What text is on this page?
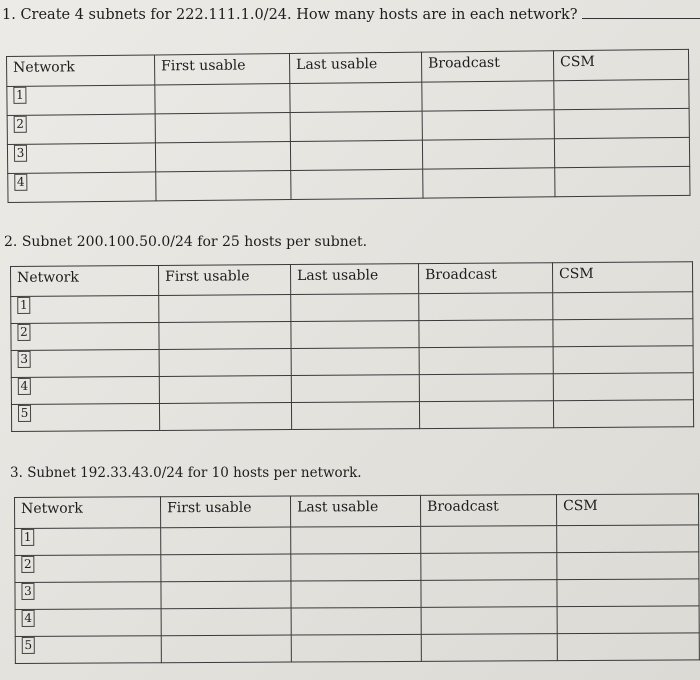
1. Create 4 subnets for 222.111.1.0/24. How many hosts are in each network?
Network	First usable	Last usable	Broadcast	CSM
1				
2				
3				
4				
2. Subnet 200.100.50.0/24 for 25 hosts per subnet.
Network	First usable	Last usable	Broadcast	CSM
1				
2				
3				
4				
5				
3. Subnet 192.33.43.0/24 for 10 hosts per network.
Network	First usable	Last usable	Broadcast	CSM
1				
2				
3				
4				
5				
